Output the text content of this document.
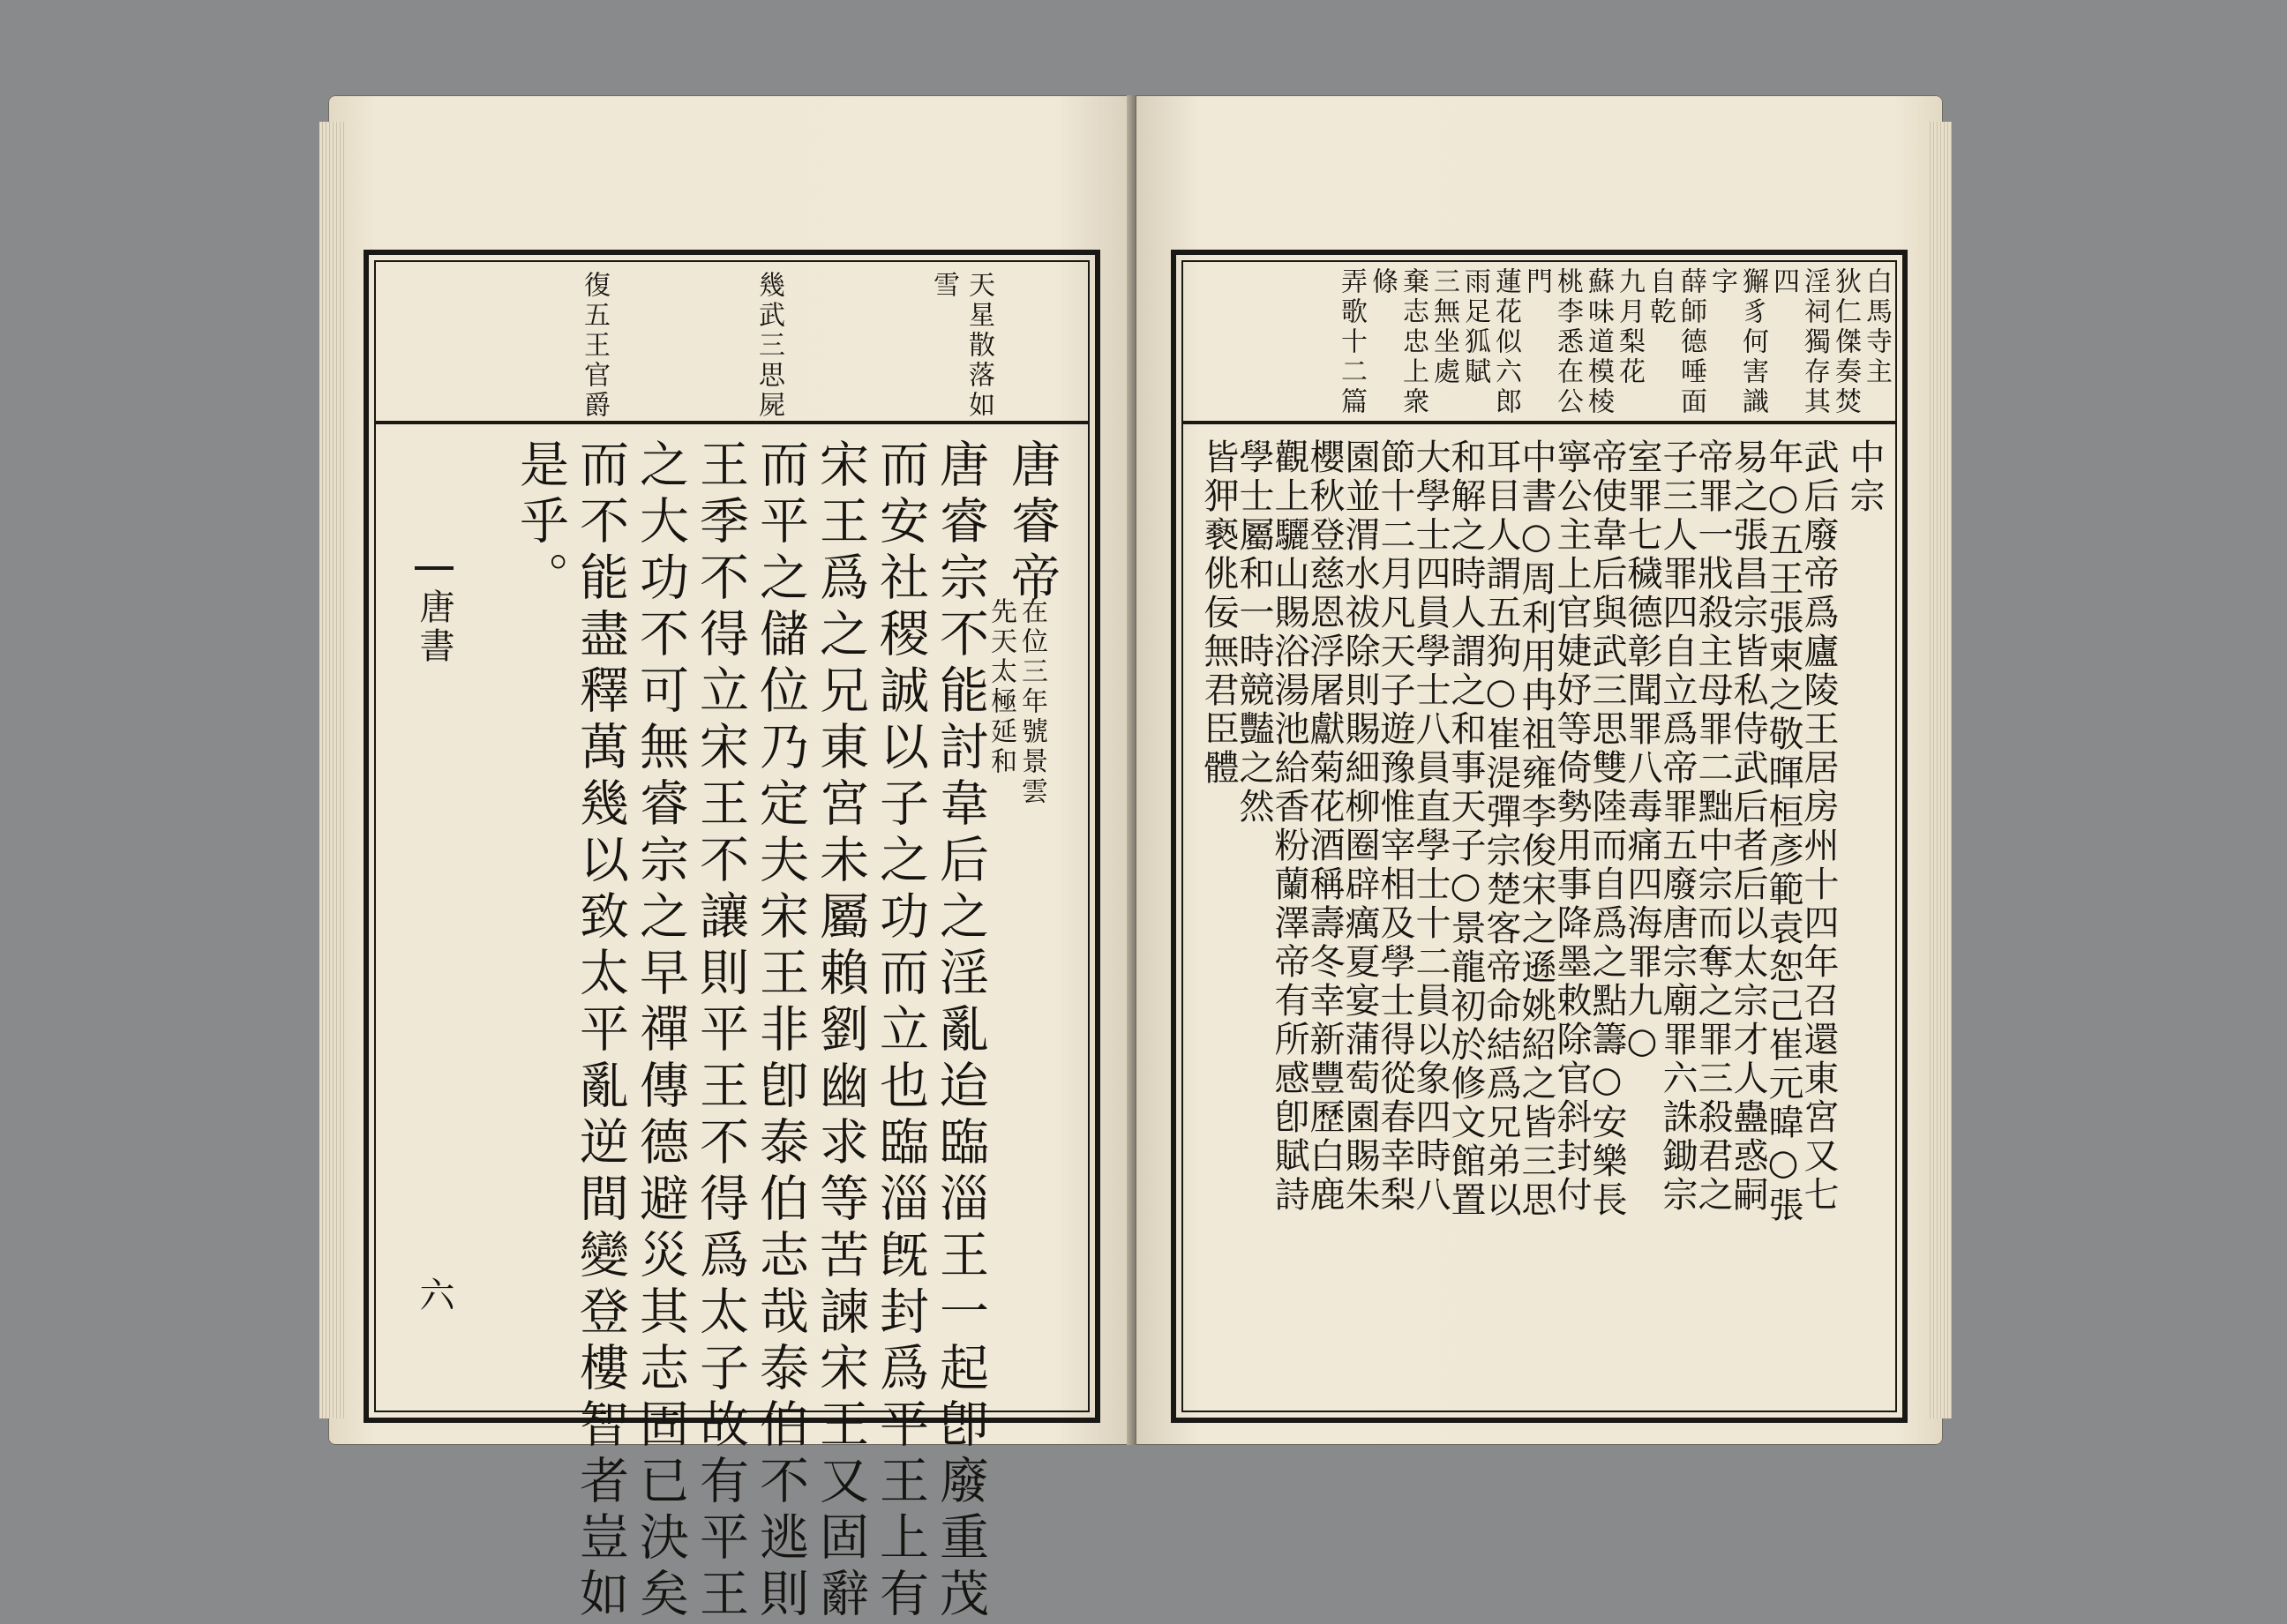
天星散落如
雪
幾武三思屍
復五王官爵
唐睿帝
在位三年號景雲
先天太極延和
唐睿宗不能討韋后之淫亂迨臨淄王一起卽廢重茂
而安社稷誠以子之功而立也臨淄旣封爲平王上有
宋王爲之兄東宮未屬賴劉幽求等苦諫宋王又固辭
而平之儲位乃定夫宋王非卽泰伯志哉泰伯不逃則
王季不得立宋王不讓則平王不得爲太子故有平王
之大功不可無睿宗之早禪傳德避災其志固已決矣
而不能盡釋萬幾以致太平亂逆間變登樓智者豈如
是乎。
唐書
六
白馬寺主
狄仁傑奏焚
淫祠獨存其
四
獬豸何害識
字
薛師德唾面
自乾
九月梨花
蘇味道模棱
桃李悉在公
門
蓮花似六郎
雨足狐賦
三無坐處
棄志忠上衆
條
弄歌十二篇
中宗
武后廢帝爲廬陵王居房州十四年召還東宮又七
年○五王張柬之敬暉桓彥範袁恕己崔元暐○張
易之張昌宗皆私侍武后者后以太宗才人蠱惑嗣
帝罪一戕殺主母罪二黜中宗而奪之罪三殺君之
子三人罪四自立爲帝罪五廢唐宗廟罪六誅鋤宗
室罪七穢德彰聞罪八毒痛四海罪九○
帝使韋后與武三思雙陸而自爲之點籌○安樂長
寧公主上官婕妤等倚勢用事降墨敕除官斜封付
中書○周利用冉祖雍李俊宋之遜姚紹之皆三思
耳目人謂五狗○崔湜彈宗楚客帝命結爲兄弟以
和解之時人謂之和事天子○景龍初於修文館置
大學士四員學士八員直學士十二員以象四時八
節十二月凡天子遊豫惟宰相及學士得從春幸梨
園並渭水祓除則賜細柳圈辟癘夏宴蒲萄園賜朱
櫻秋登慈恩浮屠獻菊花酒稱壽冬幸新豐歷白鹿
觀上驪山賜浴湯池給香粉蘭澤帝有所感卽賦詩
學士屬和一時競豔之然
皆狎褻佻佞無君臣體
